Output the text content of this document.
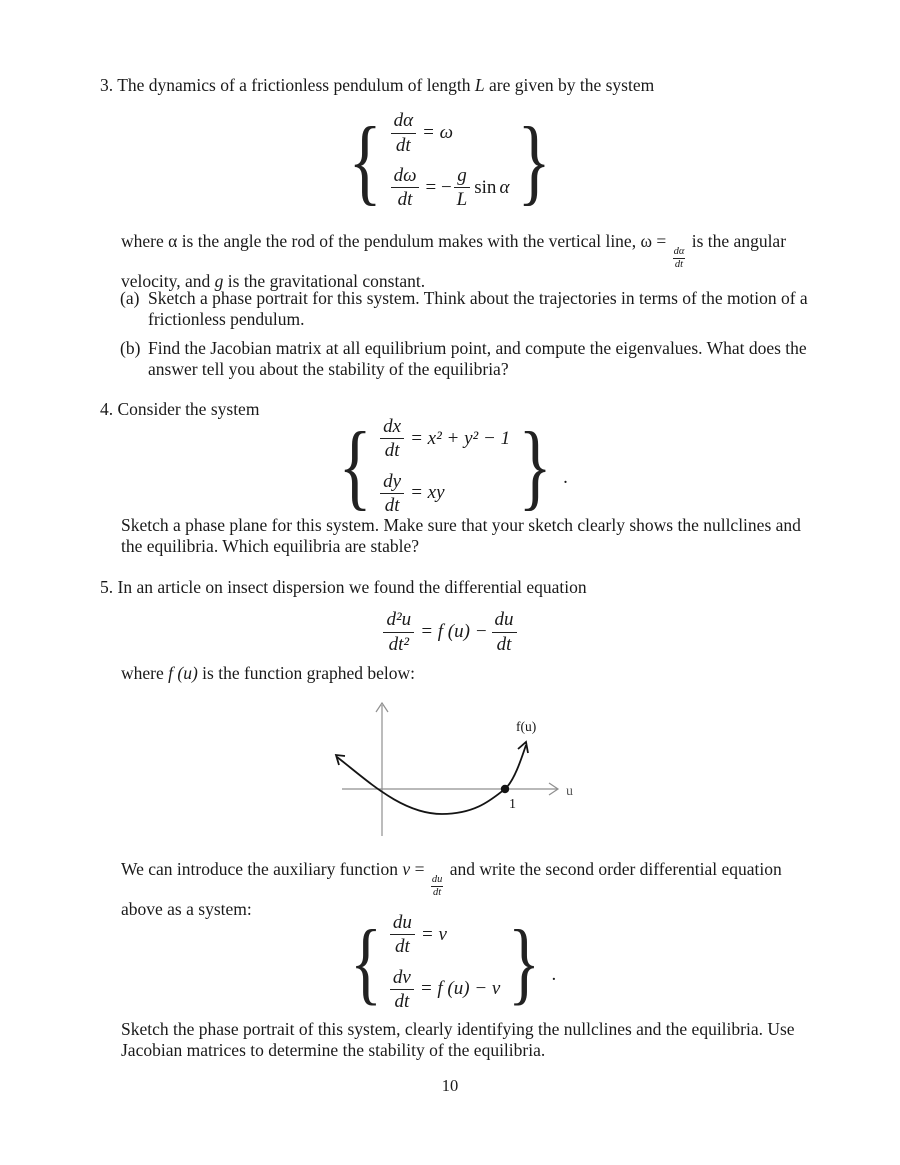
3. The dynamics of a frictionless pendulum of length L are given by the system
{ $\frac{d\alpha}{dt} = \omega$
$\frac{d\omega}{dt}$ = − $\frac{g}{L}$ sin α }
where α is the angle the rod of the pendulum makes with the vertical line, ω =
$\frac{d\alpha}{dt}$
is the angular velocity, and g is the gravitational constant.
(a) Sketch a phase portrait for this system. Think about the trajectories in terms of the motion of a frictionless pendulum.
(b) Find the Jacobian matrix at all equilibrium point, and compute the eigenvalues. What does the answer tell you about the stability of the equilibria?
4. Consider the system
{ $\frac{dx}{dt} = x^2 + y^2 - 1$
$\frac{dy}{dt}$ = xy } .
Sketch a phase plane for this system. Make sure that your sketch clearly shows the nullclines and the equilibria. Which equilibria are stable?
5. In an article on insect dispersion we found the differential equation
$\frac{\text{d²u}}{\text{dt²}} = f$ $(u) - \frac{du}{dt}$
where f (u) is the function graphed below:
1
f(u)
u
We can introduce the auxiliary function v =
$\frac{du}{dt}$
and write the second order differential equation above as a system:
{ $\frac{du}{dt} = v$
$\frac{dv}{dt} = f$ (u) − v } .
Sketch the phase portrait of this system, clearly identifying the nullclines and the equilibria. Use Jacobian matrices to determine the stability of the equilibria.
10
